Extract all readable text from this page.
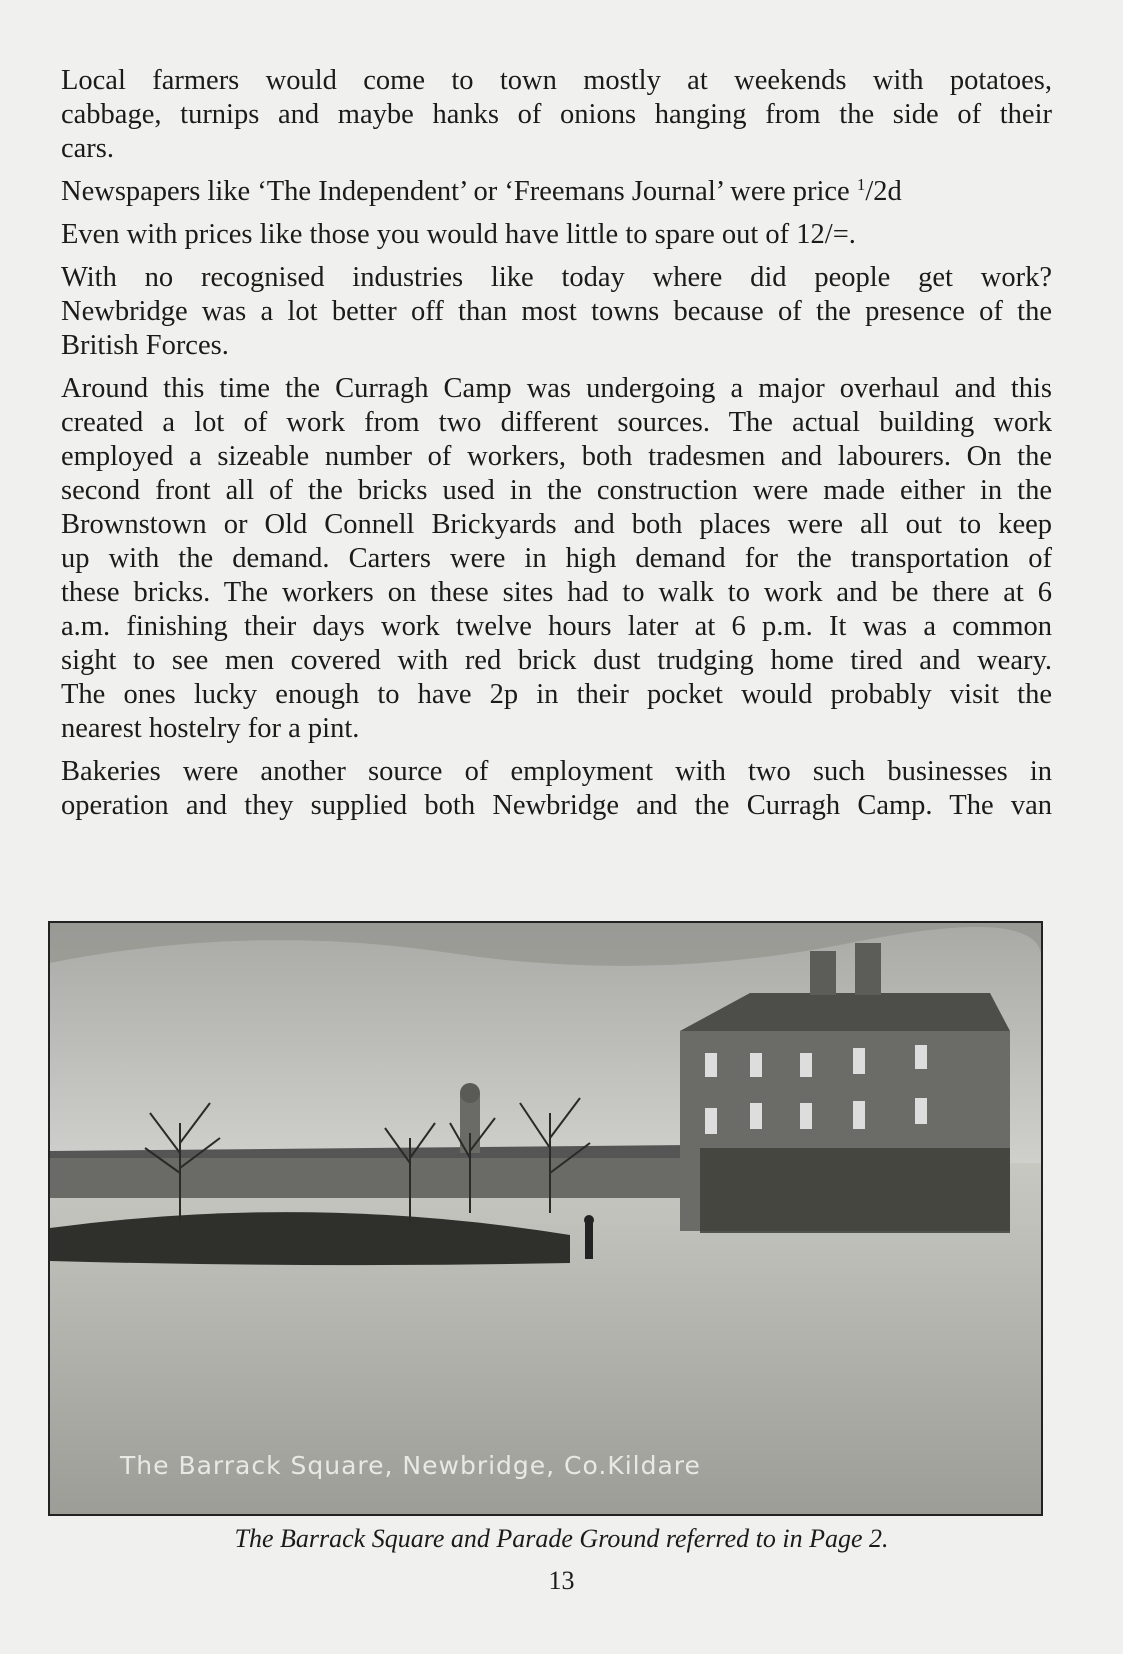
Local farmers would come to town mostly at weekends with potatoes,
cabbage, turnips and maybe hanks of onions hanging from the side of their
cars.

Newspapers like ‘The Independent’ or ‘Freemans Journal’ were price $^1$/2d

Even with prices like those you would have little to spare out of 12/=.

With no recognised industries like today where did people get work?
Newbridge was a lot better off than most towns because of the presence of the
British Forces.

Around this time the Curragh Camp was undergoing a major overhaul and this
created a lot of work from two different sources. The actual building work
employed a sizeable number of workers, both tradesmen and labourers. On the
second front all of the bricks used in the construction were made either in the
Brownstown or Old Connell Brickyards and both places were all out to keep
up with the demand. Carters were in high demand for the transportation of
these bricks. The workers on these sites had to walk to work and be there at 6
a.m. finishing their days work twelve hours later at 6 p.m. It was a common
sight to see men covered with red brick dust trudging home tired and weary.
The ones lucky enough to have 2p in their pocket would probably visit the
nearest hostelry for a pint.

Bakeries were another source of employment with two such businesses in
operation and they supplied both Newbridge and the Curragh Camp. The van

The Barrack Square, Newbridge, Co.Kildare
The Barrack Square and Parade Ground referred to in Page 2.
13
